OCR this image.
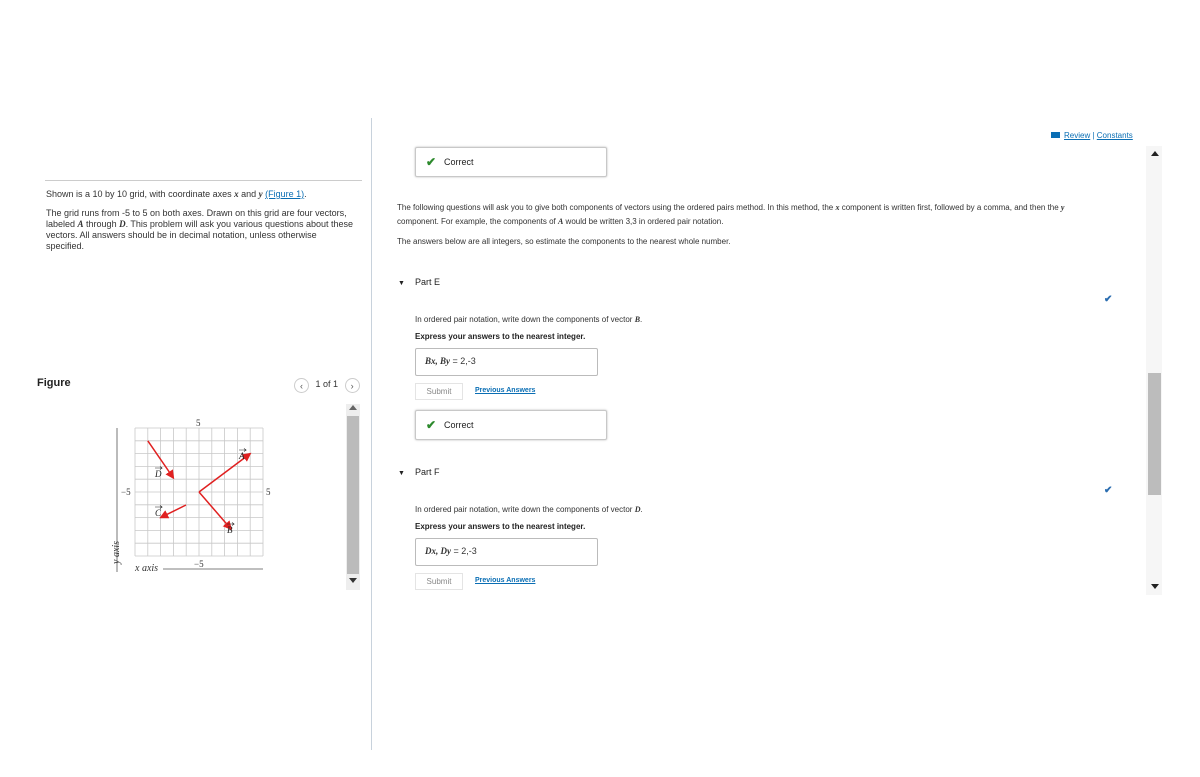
Shown is a 10 by 10 grid, with coordinate axes x and y (Figure 1).

The grid runs from -5 to 5 on both axes. Drawn on this grid are four vectors, labeled A through D. This problem will ask you various questions about these vectors. All answers should be in decimal notation, unless otherwise specified.

Figure	‹ 1 of 1 ›
5
−5	5
−5
A
B
C
D
x axis
y axis
Review | Constants
✔ Correct
The following questions will ask you to give both components of vectors using the ordered pairs method. In this method, the x component is written first, followed by a comma, and then the y
component. For example, the components of A would be written 3,3 in ordered pair notation.
The answers below are all integers, so estimate the components to the nearest whole number.
▼ Part E
✔
In ordered pair notation, write down the components of vector B.
Express your answers to the nearest integer.
Bx, By = 2,-3
Submit	Previous Answers
✔ Correct
▼ Part F
✔
In ordered pair notation, write down the components of vector D.
Express your answers to the nearest integer.
Dx, Dy = 2,-3
Submit	Previous Answers
